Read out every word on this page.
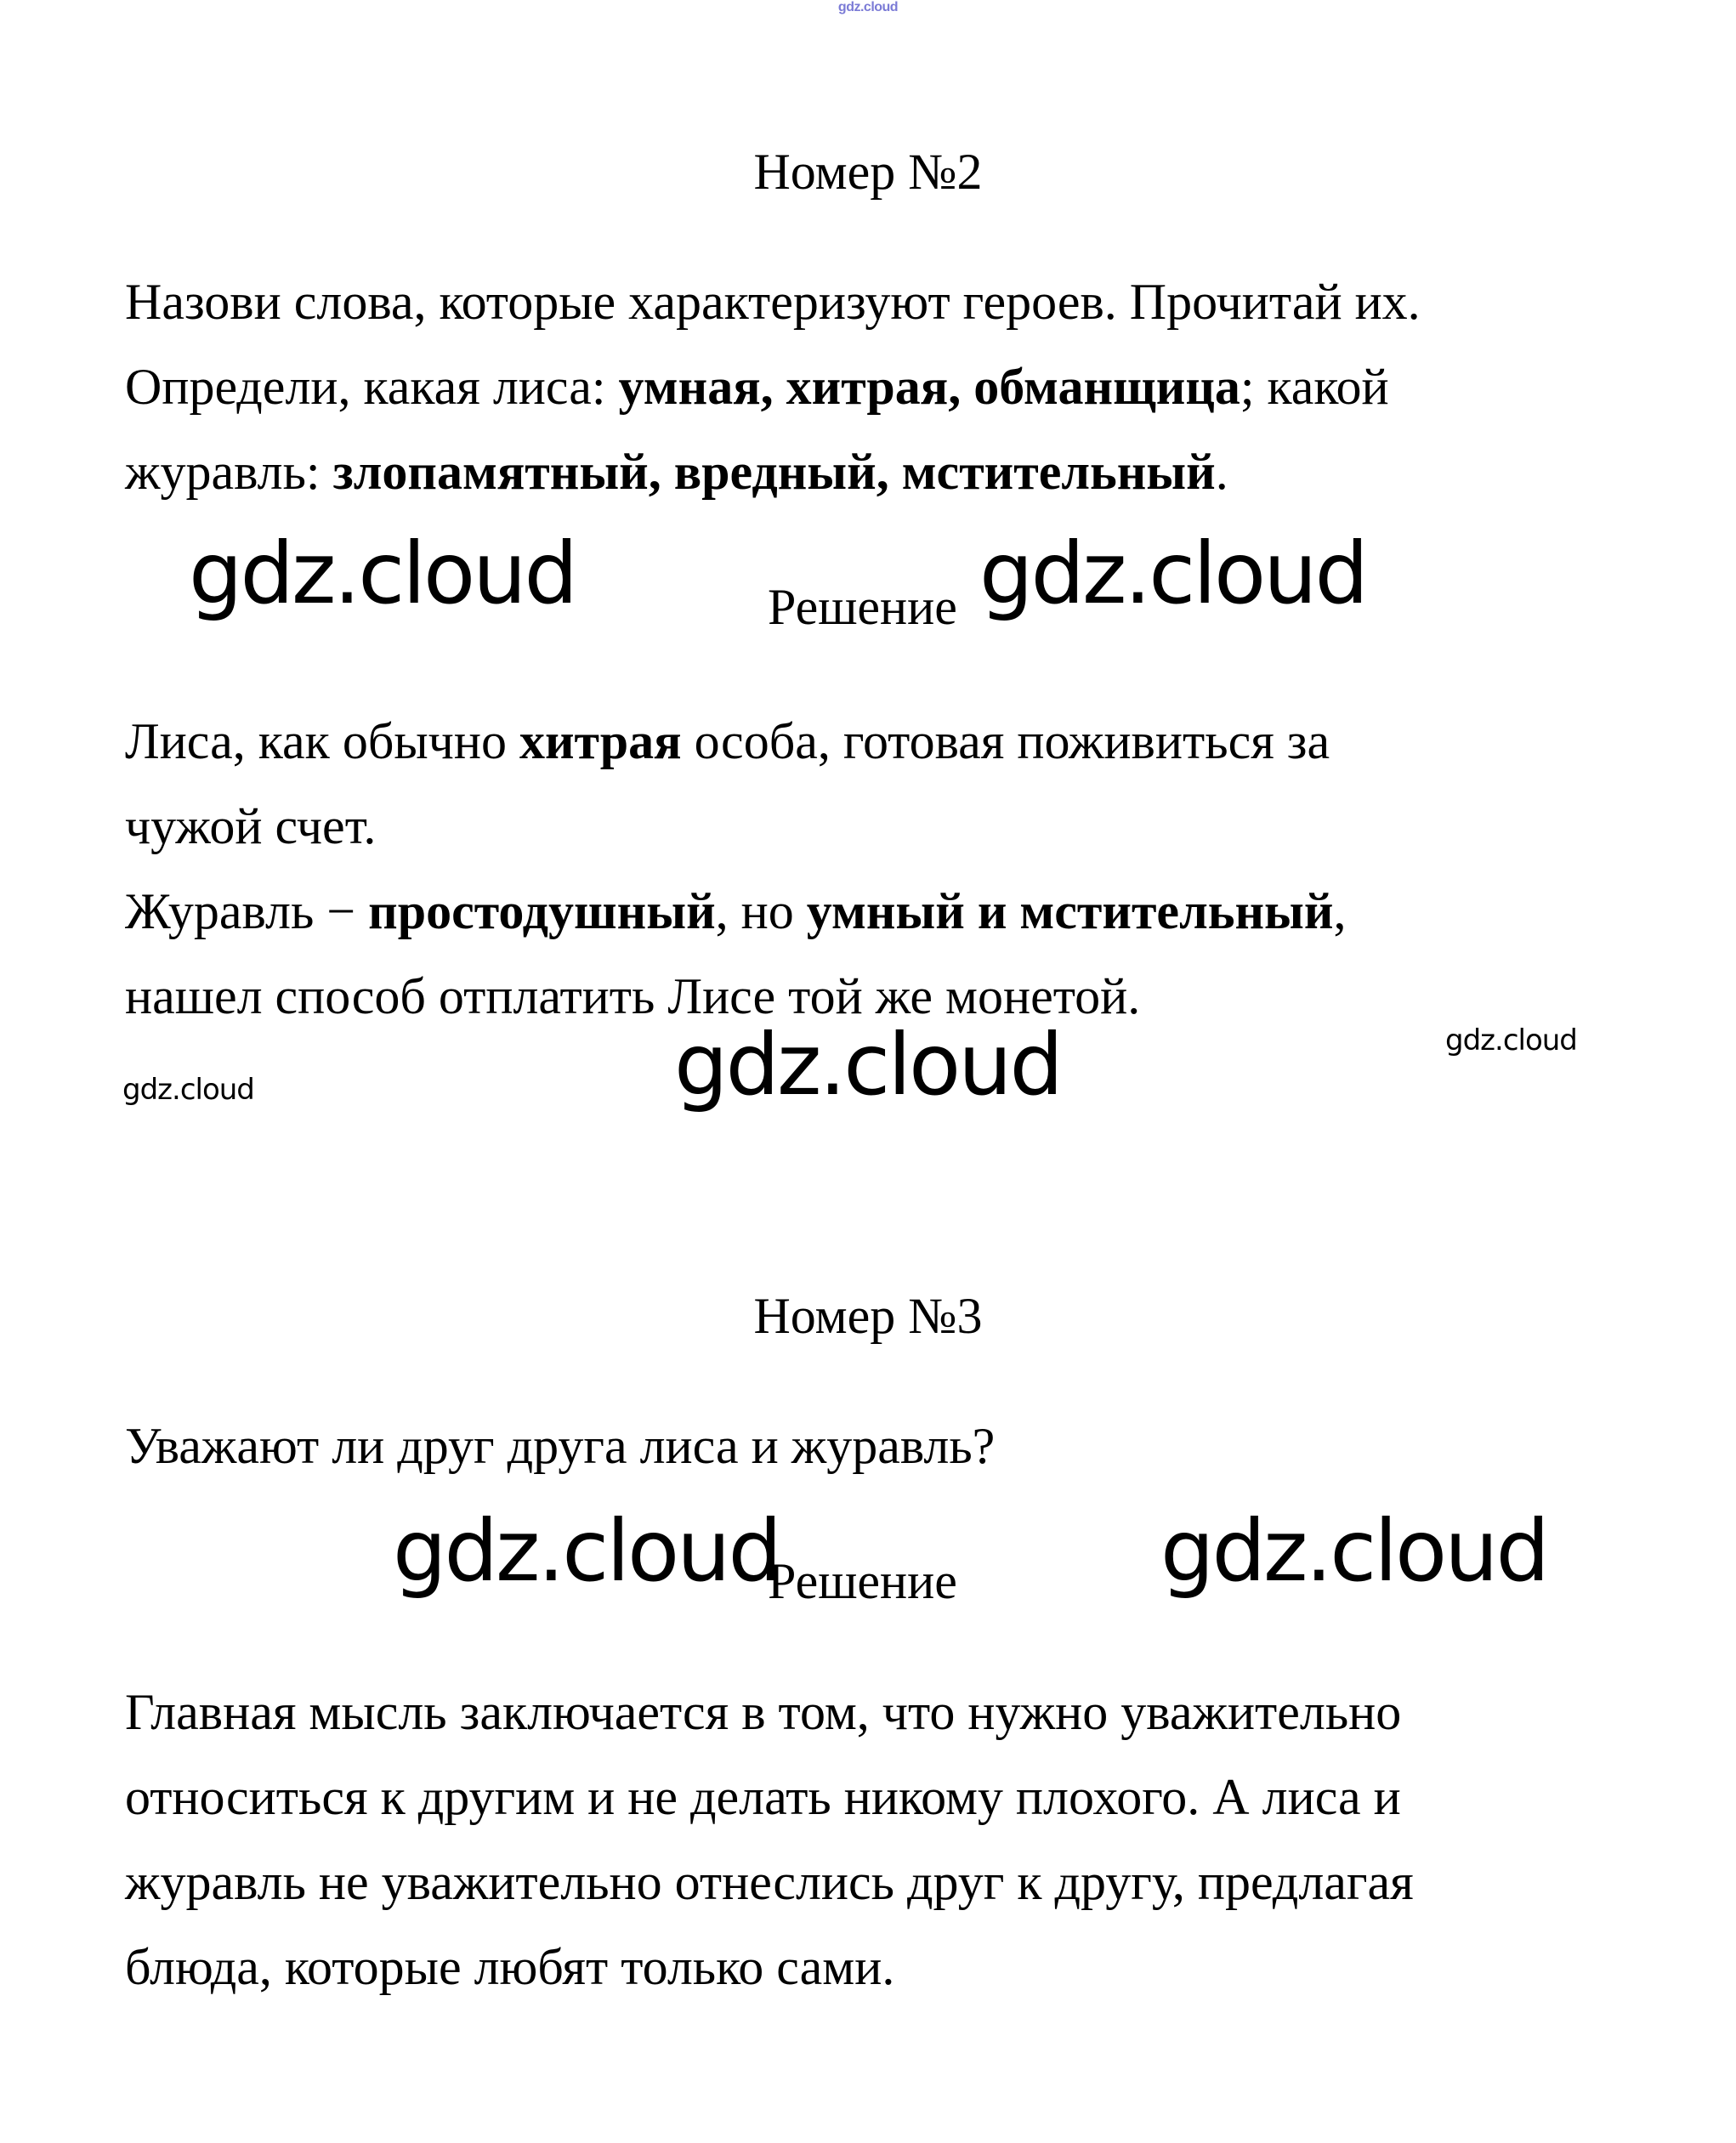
gdz.cloud
Номер №2
Назови слова, которые характеризуют героев. Прочитай их.
Определи, какая лиса: умная, хитрая, обманщица; какой
журавль: злопамятный, вредный, мстительный.
gdz.cloud	Решение gdz.cloud
Лиса, как обычно хитрая особа, готовая поживиться за
чужой счет.
Журавль − простодушный, но умный и мстительный,
нашел способ отплатить Лисе той же монетой.
gdz.cloud
gdz.cloud
gdz.cloud
Номер №3
Уважают ли друг друга лиса и журавль?
gdz.cloud
Решение gdz.cloud
Главная мысль заключается в том, что нужно уважительно
относиться к другим и не делать никому плохого. А лиса и
журавль не уважительно отнеслись друг к другу, предлагая
блюда, которые любят только сами.
